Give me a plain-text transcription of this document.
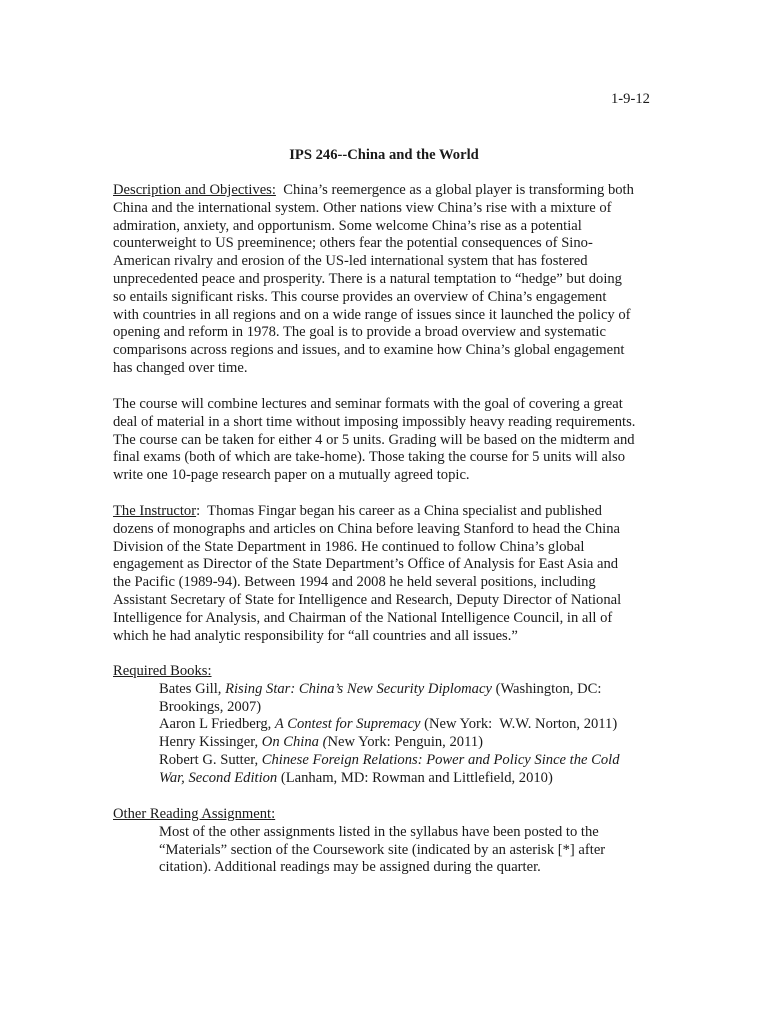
1-9-12
IPS 246--China and the World
Description and Objectives:  China’s reemergence as a global player is transforming both
China and the international system. Other nations view China’s rise with a mixture of
admiration, anxiety, and opportunism. Some welcome China’s rise as a potential
counterweight to US preeminence; others fear the potential consequences of Sino-
American rivalry and erosion of the US-led international system that has fostered
unprecedented peace and prosperity. There is a natural temptation to “hedge” but doing
so entails significant risks. This course provides an overview of China’s engagement
with countries in all regions and on a wide range of issues since it launched the policy of
opening and reform in 1978. The goal is to provide a broad overview and systematic
comparisons across regions and issues, and to examine how China’s global engagement
has changed over time.
The course will combine lectures and seminar formats with the goal of covering a great
deal of material in a short time without imposing impossibly heavy reading requirements.
The course can be taken for either 4 or 5 units. Grading will be based on the midterm and
final exams (both of which are take-home). Those taking the course for 5 units will also
write one 10-page research paper on a mutually agreed topic.
The Instructor:  Thomas Fingar began his career as a China specialist and published
dozens of monographs and articles on China before leaving Stanford to head the China
Division of the State Department in 1986. He continued to follow China’s global
engagement as Director of the State Department’s Office of Analysis for East Asia and
the Pacific (1989-94). Between 1994 and 2008 he held several positions, including
Assistant Secretary of State for Intelligence and Research, Deputy Director of National
Intelligence for Analysis, and Chairman of the National Intelligence Council, in all of
which he had analytic responsibility for “all countries and all issues.”
Required Books:
Bates Gill, Rising Star: China’s New Security Diplomacy (Washington, DC:
Brookings, 2007)
Aaron L Friedberg, A Contest for Supremacy (New York:  W.W. Norton, 2011)
Henry Kissinger, On China (New York: Penguin, 2011)
Robert G. Sutter, Chinese Foreign Relations: Power and Policy Since the Cold
War, Second Edition (Lanham, MD: Rowman and Littlefield, 2010)
Other Reading Assignment:
Most of the other assignments listed in the syllabus have been posted to the
“Materials” section of the Coursework site (indicated by an asterisk [*] after
citation). Additional readings may be assigned during the quarter.
